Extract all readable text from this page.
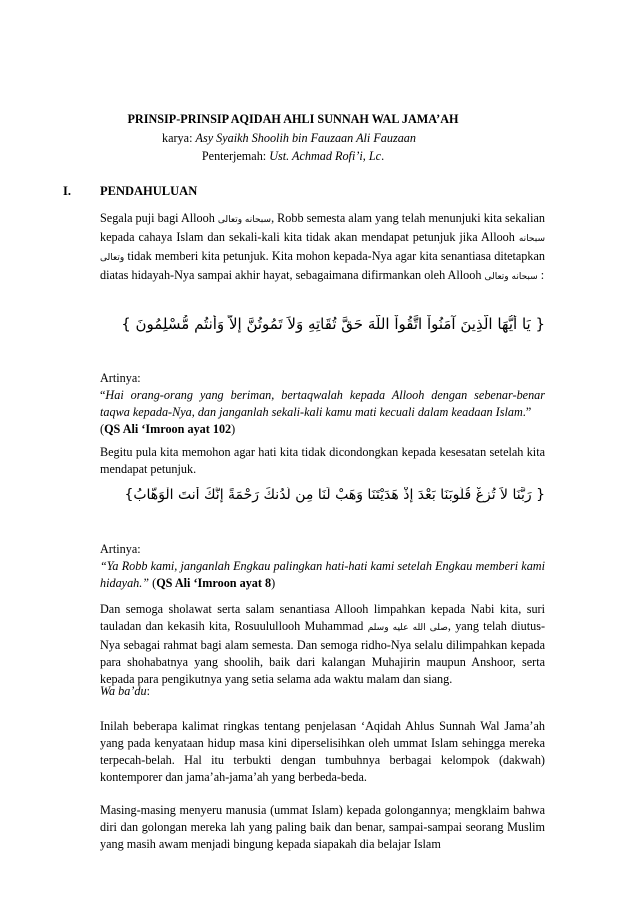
PRINSIP-PRINSIP AQIDAH AHLI SUNNAH WAL JAMA’AH
karya: Asy Syaikh Shoolih bin Fauzaan Ali Fauzaan
Penterjemah: Ust. Achmad Rofi’i, Lc.
I. PENDAHULUAN

Segala puji bagi Allooh سبحانه وتعالى, Robb semesta alam yang telah menunjuki kita sekalian kepada cahaya Islam dan sekali-kali kita tidak akan mendapat petunjuk jika Allooh سبحانه وتعالى tidak memberi kita petunjuk. Kita mohon kepada-Nya agar kita senantiasa ditetapkan diatas hidayah-Nya sampai akhir hayat, sebagaimana difirmankan oleh Allooh سبحانه وتعالى :

{ يَا أَيُّهَا الَّذِينَ آمَنُواْ اتَّقُواْ اللّهَ حَقَّ تُقَاتِهِ وَلاَ تَمُوتُنَّ إِلاَّ وَأَنتُم مُّسْلِمُونَ }

Artinya:
“Hai orang-orang yang beriman, bertaqwalah kepada Allooh dengan sebenar-benar taqwa kepada-Nya, dan janganlah sekali-kali kamu mati kecuali dalam keadaan Islam.”
(QS Ali ‘Imroon ayat 102)

Begitu pula kita memohon agar hati kita tidak dicondongkan kepada kesesatan setelah kita mendapat petunjuk.

{ رَبَّنَا لاَ تُزِغْ قُلُوبَنَا بَعْدَ إِذْ هَدَيْتَنَا وَهَبْ لَنَا مِن لَّدُنكَ رَحْمَةً إِنَّكَ أَنتَ الْوَهَّابُ}

Artinya:
“Ya Robb kami, janganlah Engkau palingkan hati-hati kami setelah Engkau memberi kami hidayah.” (QS Ali ‘Imroon ayat 8)

Dan semoga sholawat serta salam senantiasa Allooh limpahkan kepada Nabi kita, suri tauladan dan kekasih kita, Rosuulullooh Muhammad صلى الله عليه وسلم, yang telah diutus-Nya sebagai rahmat bagi alam semesta. Dan semoga ridho-Nya selalu dilimpahkan kepada para shohabatnya yang shoolih, baik dari kalangan Muhajirin maupun Anshoor, serta kepada para pengikutnya yang setia selama ada waktu malam dan siang.

Wa ba’du:

Inilah beberapa kalimat ringkas tentang penjelasan ‘Aqidah Ahlus Sunnah Wal Jama’ah yang pada kenyataan hidup masa kini diperselisihkan oleh ummat Islam sehingga mereka terpecah-belah. Hal itu terbukti dengan tumbuhnya berbagai kelompok (dakwah) kontemporer dan jama’ah-jama’ah yang berbeda-beda.

Masing-masing menyeru manusia (ummat Islam) kepada golongannya; mengklaim bahwa diri dan golongan mereka lah yang paling baik dan benar, sampai-sampai seorang Muslim yang masih awam menjadi bingung kepada siapakah dia belajar Islam
